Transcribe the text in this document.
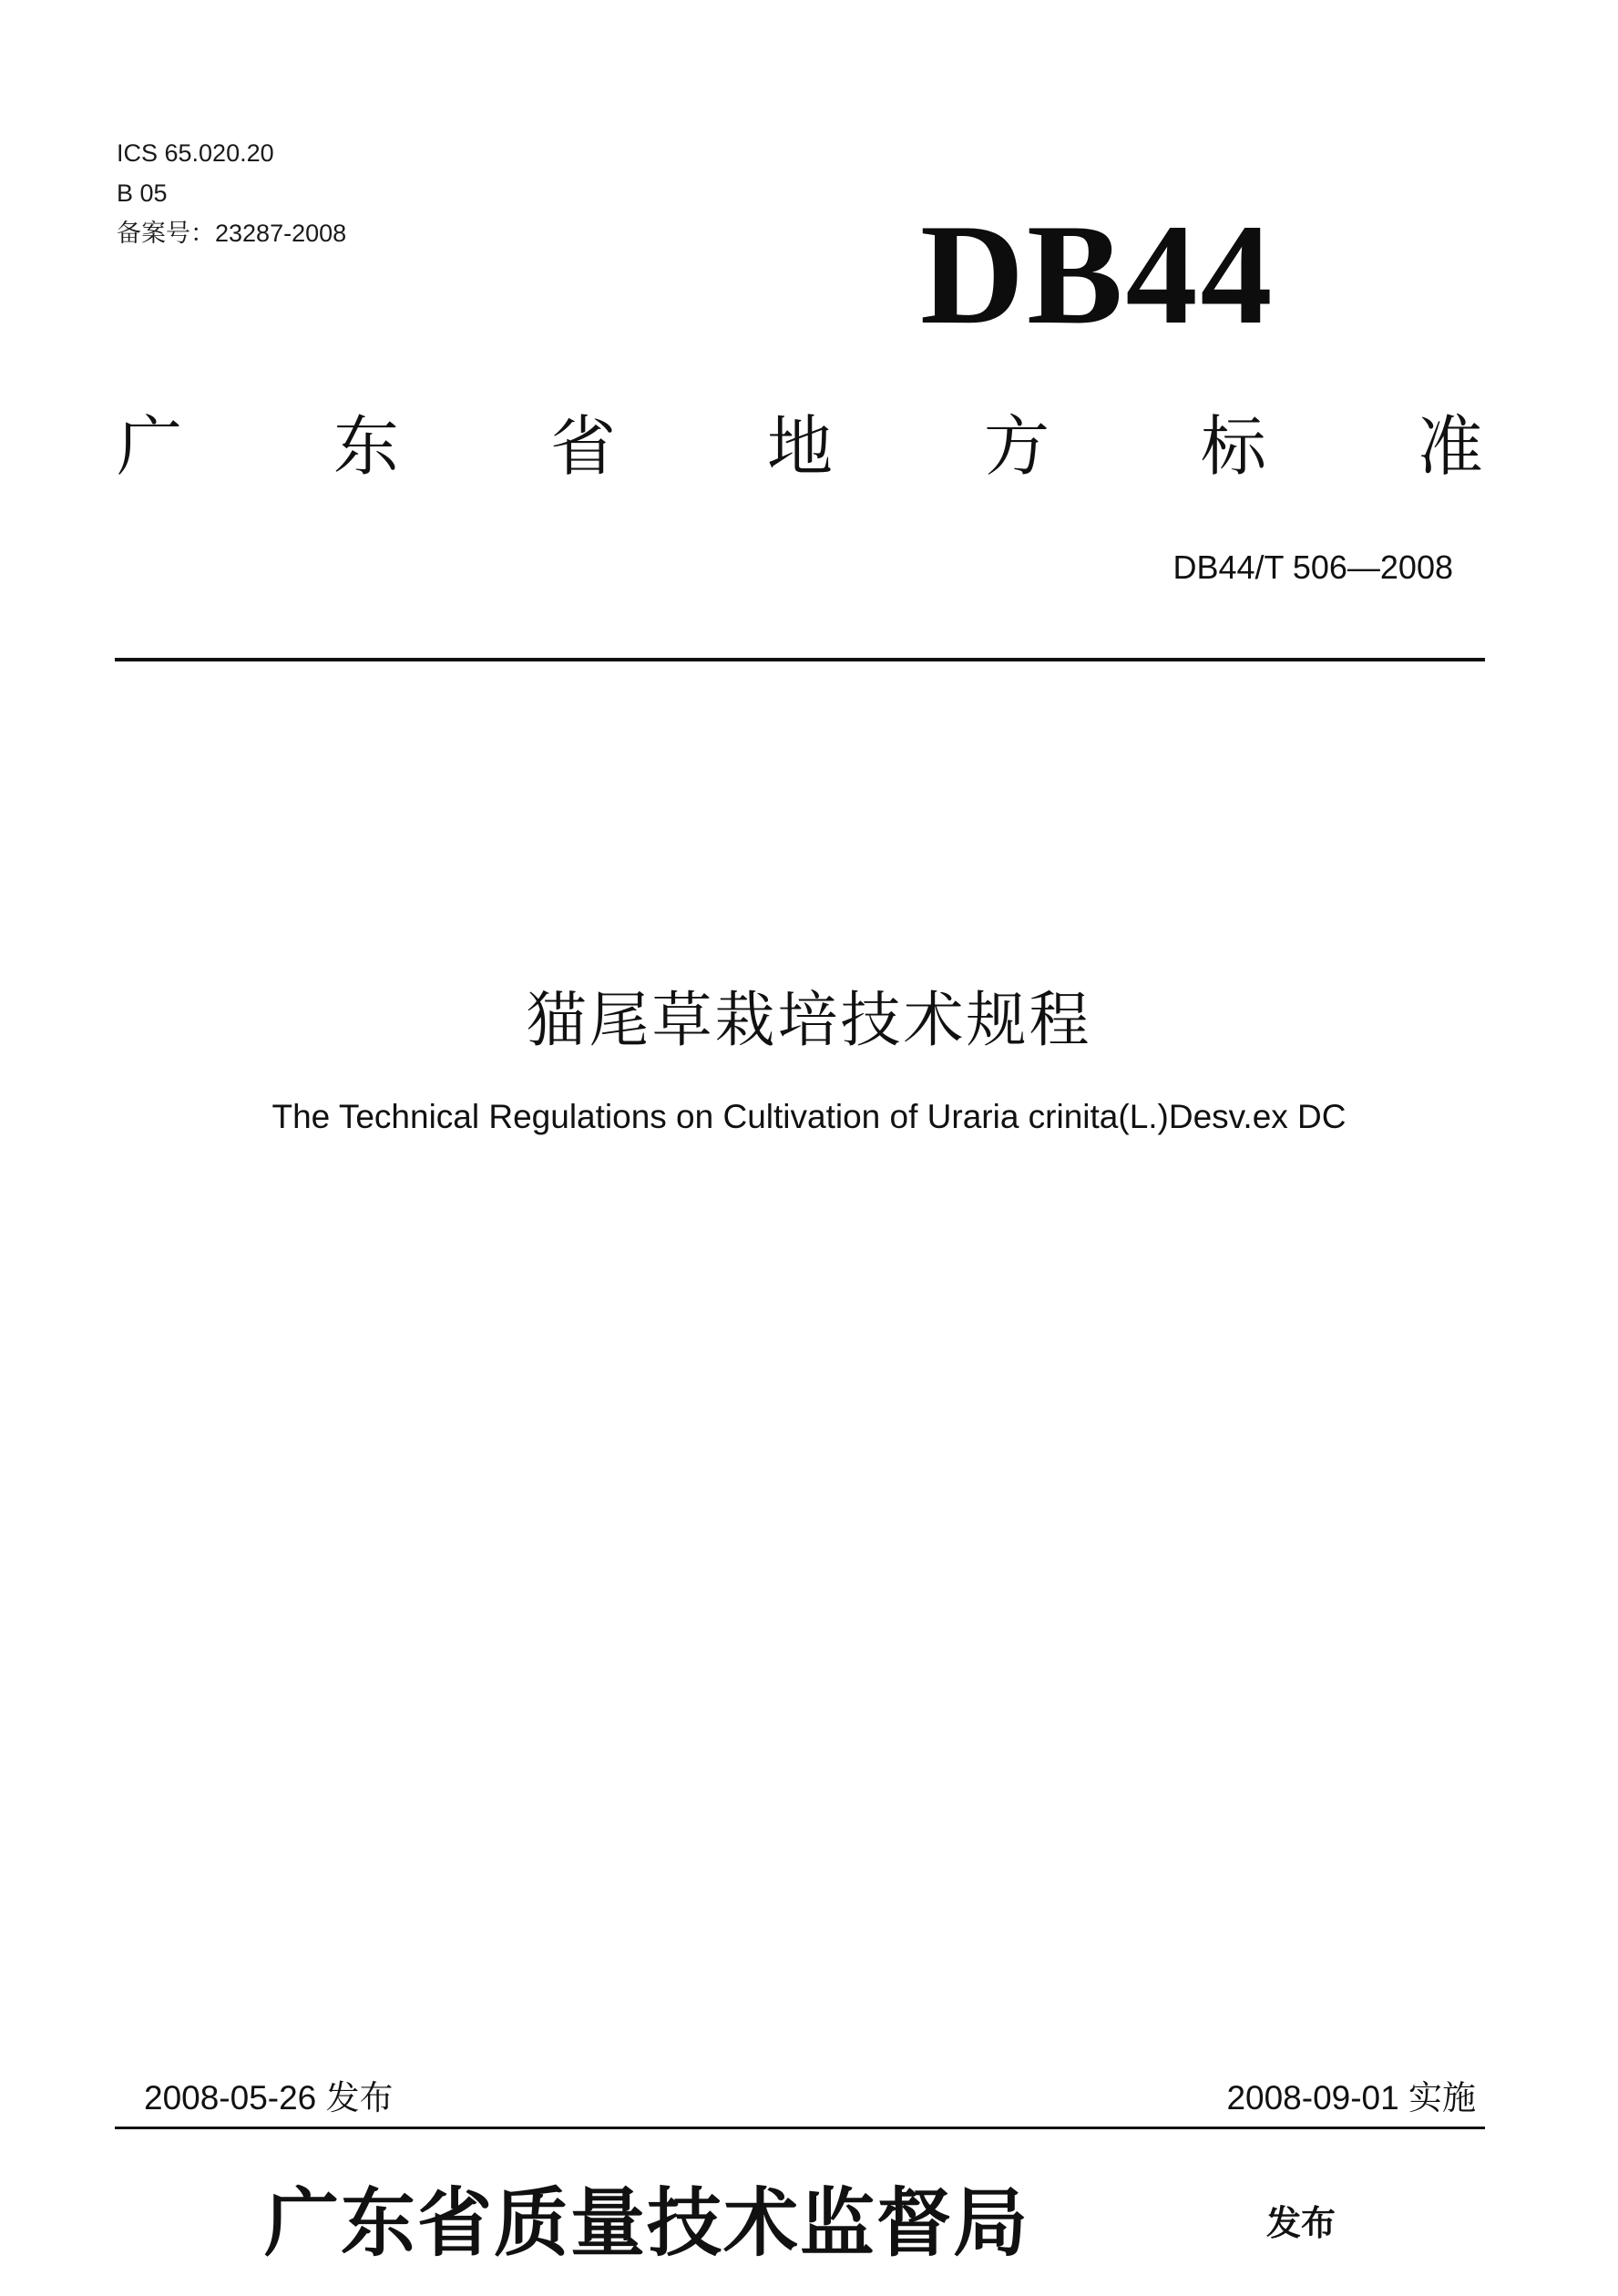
ICS 65.020.20
B 05
备案号：23287-2008	DB44
广 东 省 地 方 标 准
DB44/T 506—2008
猫尾草栽培技术规程
The Technical Regulations on Cultivation of Uraria crinita(L.)Desv.ex DC
2008-05-26 发布	2008-09-01 实施
广东省质量技术监督局	发布
